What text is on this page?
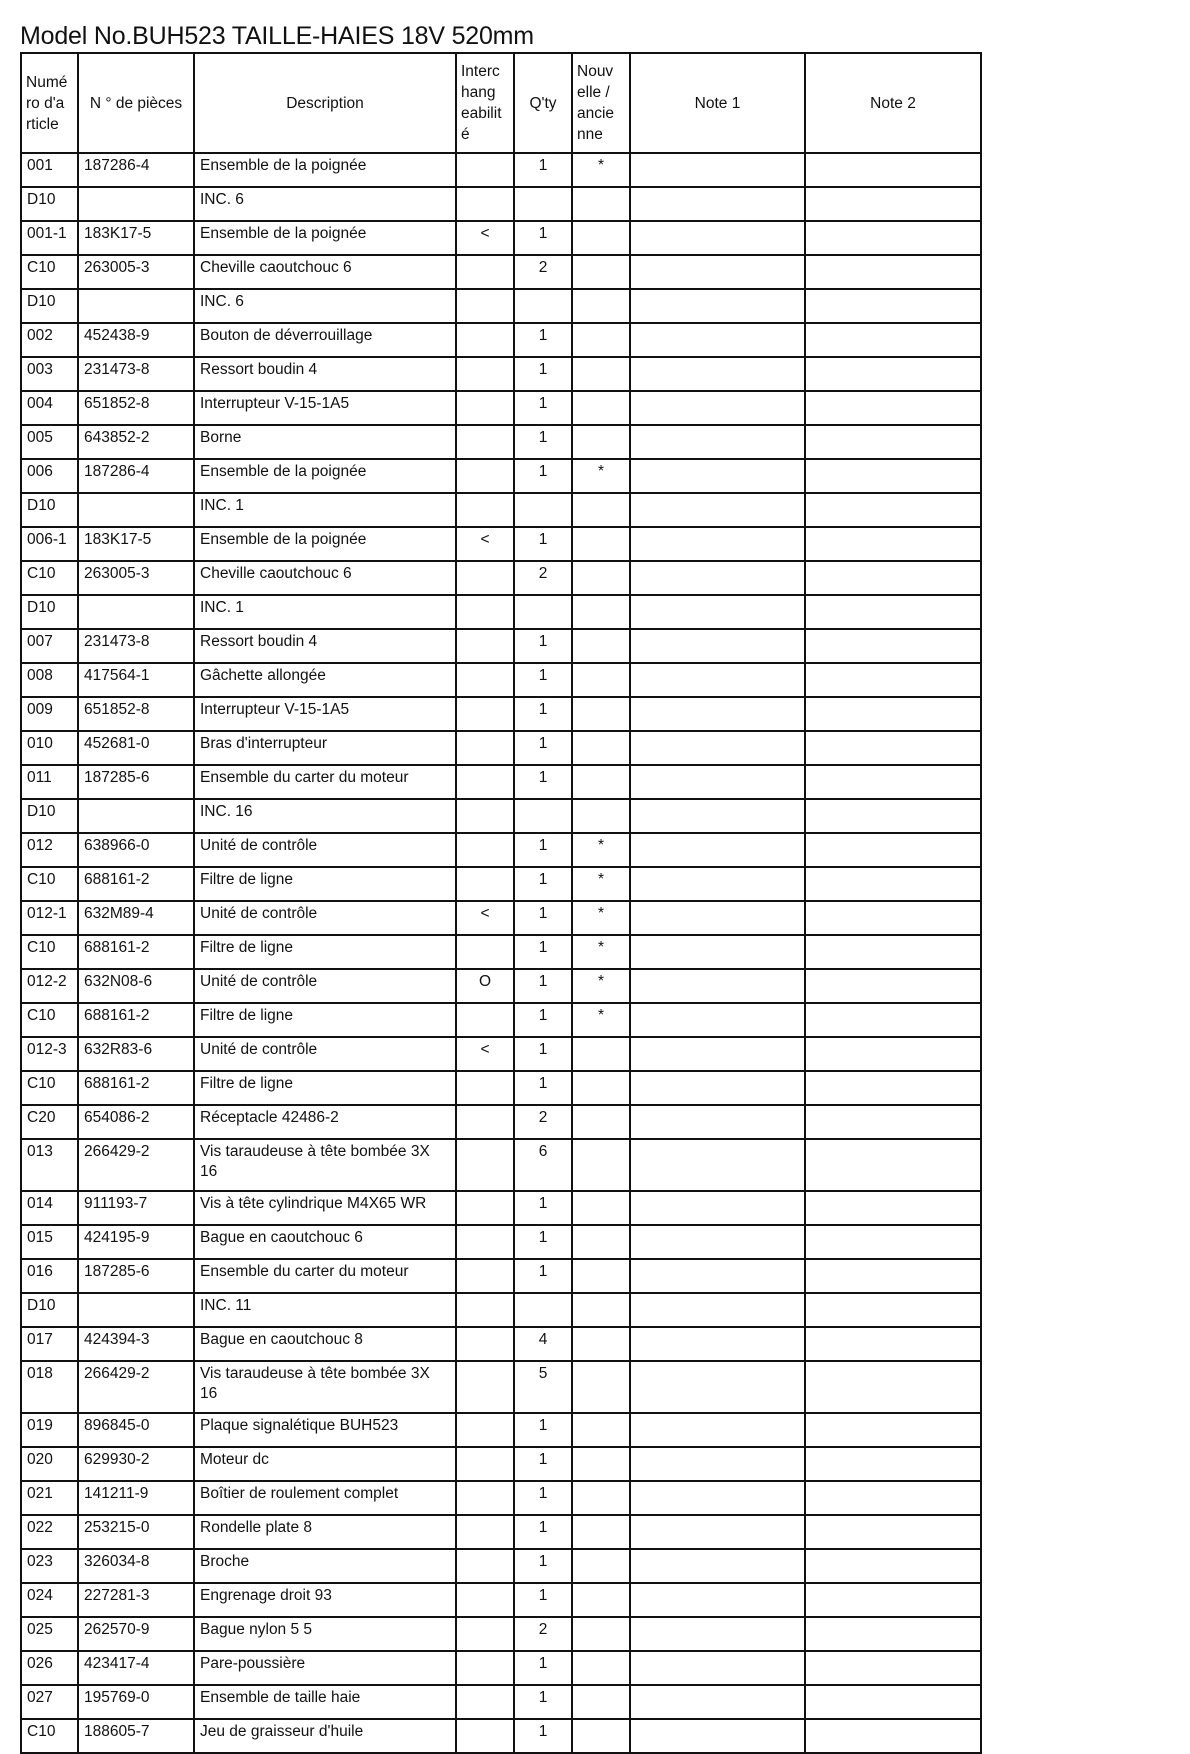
Model No.BUH523 TAILLE-HAIES 18V 520mm
Numé ro d'a rticle	N ° de pièces	Description	Interc hang eabilit é	Q'ty	Nouv elle / ancie nne	Note 1	Note 2
001	187286-4	Ensemble de la poignée		1	*		
D10		INC. 6					
001-1	183K17-5	Ensemble de la poignée	<	1			
C10	263005-3	Cheville caoutchouc 6		2			
D10		INC. 6					
002	452438-9	Bouton de déverrouillage		1			
003	231473-8	Ressort boudin 4		1			
004	651852-8	Interrupteur V-15-1A5		1			
005	643852-2	Borne		1			
006	187286-4	Ensemble de la poignée		1	*		
D10		INC. 1					
006-1	183K17-5	Ensemble de la poignée	<	1			
C10	263005-3	Cheville caoutchouc 6		2			
D10		INC. 1					
007	231473-8	Ressort boudin 4		1			
008	417564-1	Gâchette allongée		1			
009	651852-8	Interrupteur V-15-1A5		1			
010	452681-0	Bras d'interrupteur		1			
011	187285-6	Ensemble du carter du moteur		1			
D10		INC. 16					
012	638966-0	Unité de contrôle		1	*		
C10	688161-2	Filtre de ligne		1	*		
012-1	632M89-4	Unité de contrôle	<	1	*		
C10	688161-2	Filtre de ligne		1	*		
012-2	632N08-6	Unité de contrôle	O	1	*		
C10	688161-2	Filtre de ligne		1	*		
012-3	632R83-6	Unité de contrôle	<	1			
C10	688161-2	Filtre de ligne		1			
C20	654086-2	Réceptacle 42486-2		2			
013	266429-2	Vis taraudeuse à tête bombée 3X 16		6			
014	911193-7	Vis à tête cylindrique M4X65 WR		1			
015	424195-9	Bague en caoutchouc 6		1			
016	187285-6	Ensemble du carter du moteur		1			
D10		INC. 11					
017	424394-3	Bague en caoutchouc 8		4			
018	266429-2	Vis taraudeuse à tête bombée 3X 16		5			
019	896845-0	Plaque signalétique BUH523		1			
020	629930-2	Moteur dc		1			
021	141211-9	Boîtier de roulement complet		1			
022	253215-0	Rondelle plate 8		1			
023	326034-8	Broche		1			
024	227281-3	Engrenage droit 93		1			
025	262570-9	Bague nylon 5 5		2			
026	423417-4	Pare-poussière		1			
027	195769-0	Ensemble de taille haie		1			
C10	188605-7	Jeu de graisseur d'huile		1			
